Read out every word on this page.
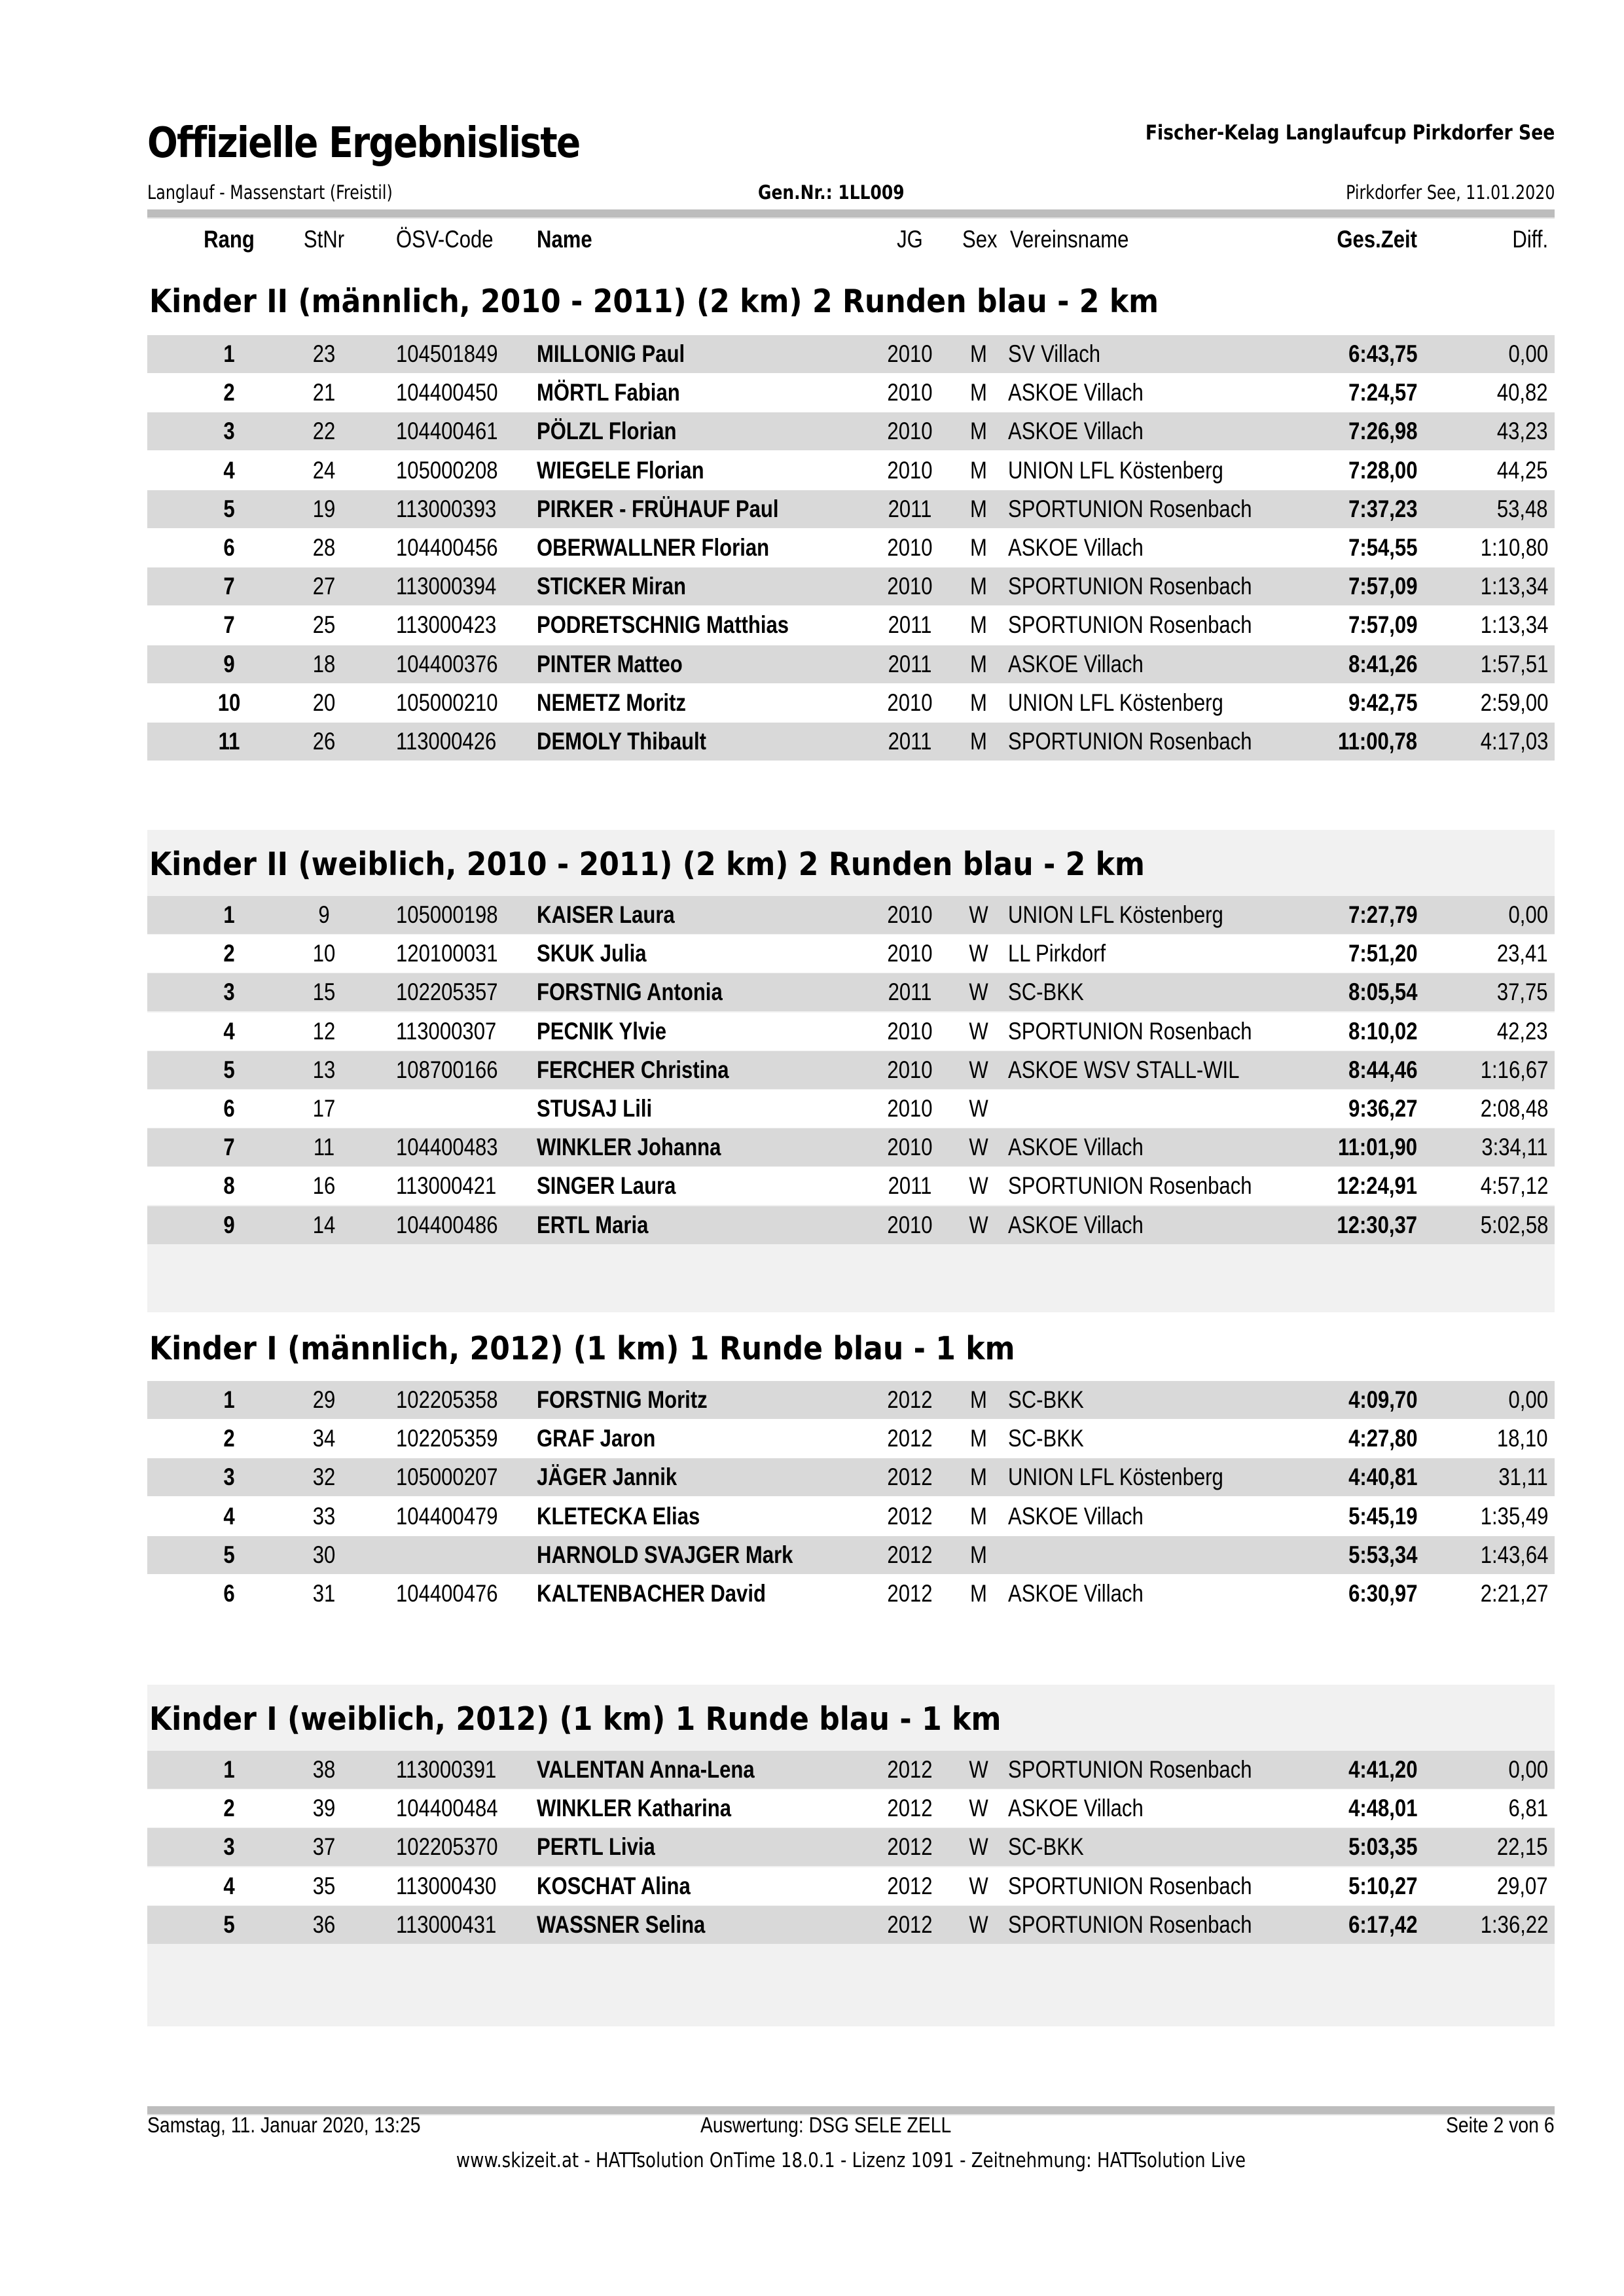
Offizielle Ergebnisliste	Fischer-Kelag Langlaufcup Pirkdorfer See
Langlauf - Massenstart (Freistil)	Gen.Nr.: 1LL009	Pirkdorfer See, 11.01.2020
Rang	StNr	ÖSV-Code Name	JG	Sex Vereinsname	Ges.Zeit	Diff.
Kinder II (männlich, 2010 - 2011) (2 km) 2 Runden blau - 2 km
1	23	104501849 MILLONIG Paul	2010 M SV Villach	6:43,75	0,00
2	21	104400450 MÖRTL Fabian	2010 M ASKOE Villach	7:24,57	40,82
3	22	104400461 PÖLZL Florian	2010 M ASKOE Villach	7:26,98	43,23
4	24	105000208 WIEGELE Florian	2010 M UNION LFL Köstenberg	7:28,00	44,25
5	19	113000393 PIRKER - FRÜHAUF Paul	2011 M SPORTUNION Rosenbach	7:37,23	53,48
6	28	104400456 OBERWALLNER Florian	2010 M ASKOE Villach	7:54,55	1:10,80
7	27	113000394 STICKER Miran	2010 M SPORTUNION Rosenbach	7:57,09	1:13,34
7	25	113000423 PODRETSCHNIG Matthias	2011 M SPORTUNION Rosenbach	7:57,09	1:13,34
9	18	104400376 PINTER Matteo	2011 M ASKOE Villach	8:41,26	1:57,51
10	20	105000210 NEMETZ Moritz	2010 M UNION LFL Köstenberg	9:42,75	2:59,00
11	26	113000426 DEMOLY Thibault	2011 M SPORTUNION Rosenbach	11:00,78	4:17,03
Kinder II (weiblich, 2010 - 2011) (2 km) 2 Runden blau - 2 km
1	9	105000198 KAISER Laura	2010 W UNION LFL Köstenberg	7:27,79	0,00
2	10	120100031 SKUK Julia	2010 W LL Pirkdorf	7:51,20	23,41
3	15	102205357 FORSTNIG Antonia	2011 W SC-BKK	8:05,54	37,75
4	12	113000307 PECNIK Ylvie	2010 W SPORTUNION Rosenbach	8:10,02	42,23
5	13	108700166 FERCHER Christina	2010 W ASKOE WSV STALL-WIL	8:44,46	1:16,67
6	17	STUSAJ Lili	2010 W	9:36,27	2:08,48
7	11	104400483 WINKLER Johanna	2010 W ASKOE Villach	11:01,90	3:34,11
8	16	113000421 SINGER Laura	2011 W SPORTUNION Rosenbach	12:24,91	4:57,12
9	14	104400486 ERTL Maria	2010 W ASKOE Villach	12:30,37	5:02,58
Kinder I (männlich, 2012) (1 km) 1 Runde blau - 1 km
1	29	102205358 FORSTNIG Moritz	2012 M SC-BKK	4:09,70	0,00
2	34	102205359 GRAF Jaron	2012 M SC-BKK	4:27,80	18,10
3	32	105000207 JÄGER Jannik	2012 M UNION LFL Köstenberg	4:40,81	31,11
4	33	104400479 KLETECKA Elias	2012 M ASKOE Villach	5:45,19	1:35,49
5	30	HARNOLD SVAJGER Mark	2012 M	5:53,34	1:43,64
6	31	104400476 KALTENBACHER David	2012 M ASKOE Villach	6:30,97	2:21,27
Kinder I (weiblich, 2012) (1 km) 1 Runde blau - 1 km
1	38	113000391 VALENTAN Anna-Lena	2012 W SPORTUNION Rosenbach	4:41,20	0,00
2	39	104400484 WINKLER Katharina	2012 W ASKOE Villach	4:48,01	6,81
3	37	102205370 PERTL Livia	2012 W SC-BKK	5:03,35	22,15
4	35	113000430 KOSCHAT Alina	2012 W SPORTUNION Rosenbach	5:10,27	29,07
5	36	113000431 WASSNER Selina	2012 W SPORTUNION Rosenbach	6:17,42	1:36,22
Samstag, 11. Januar 2020, 13:25	Auswertung: DSG SELE ZELL	Seite 2 von 6
www.skizeit.at - HATTsolution OnTime 18.0.1 - Lizenz 1091 - Zeitnehmung: HATTsolution Live
